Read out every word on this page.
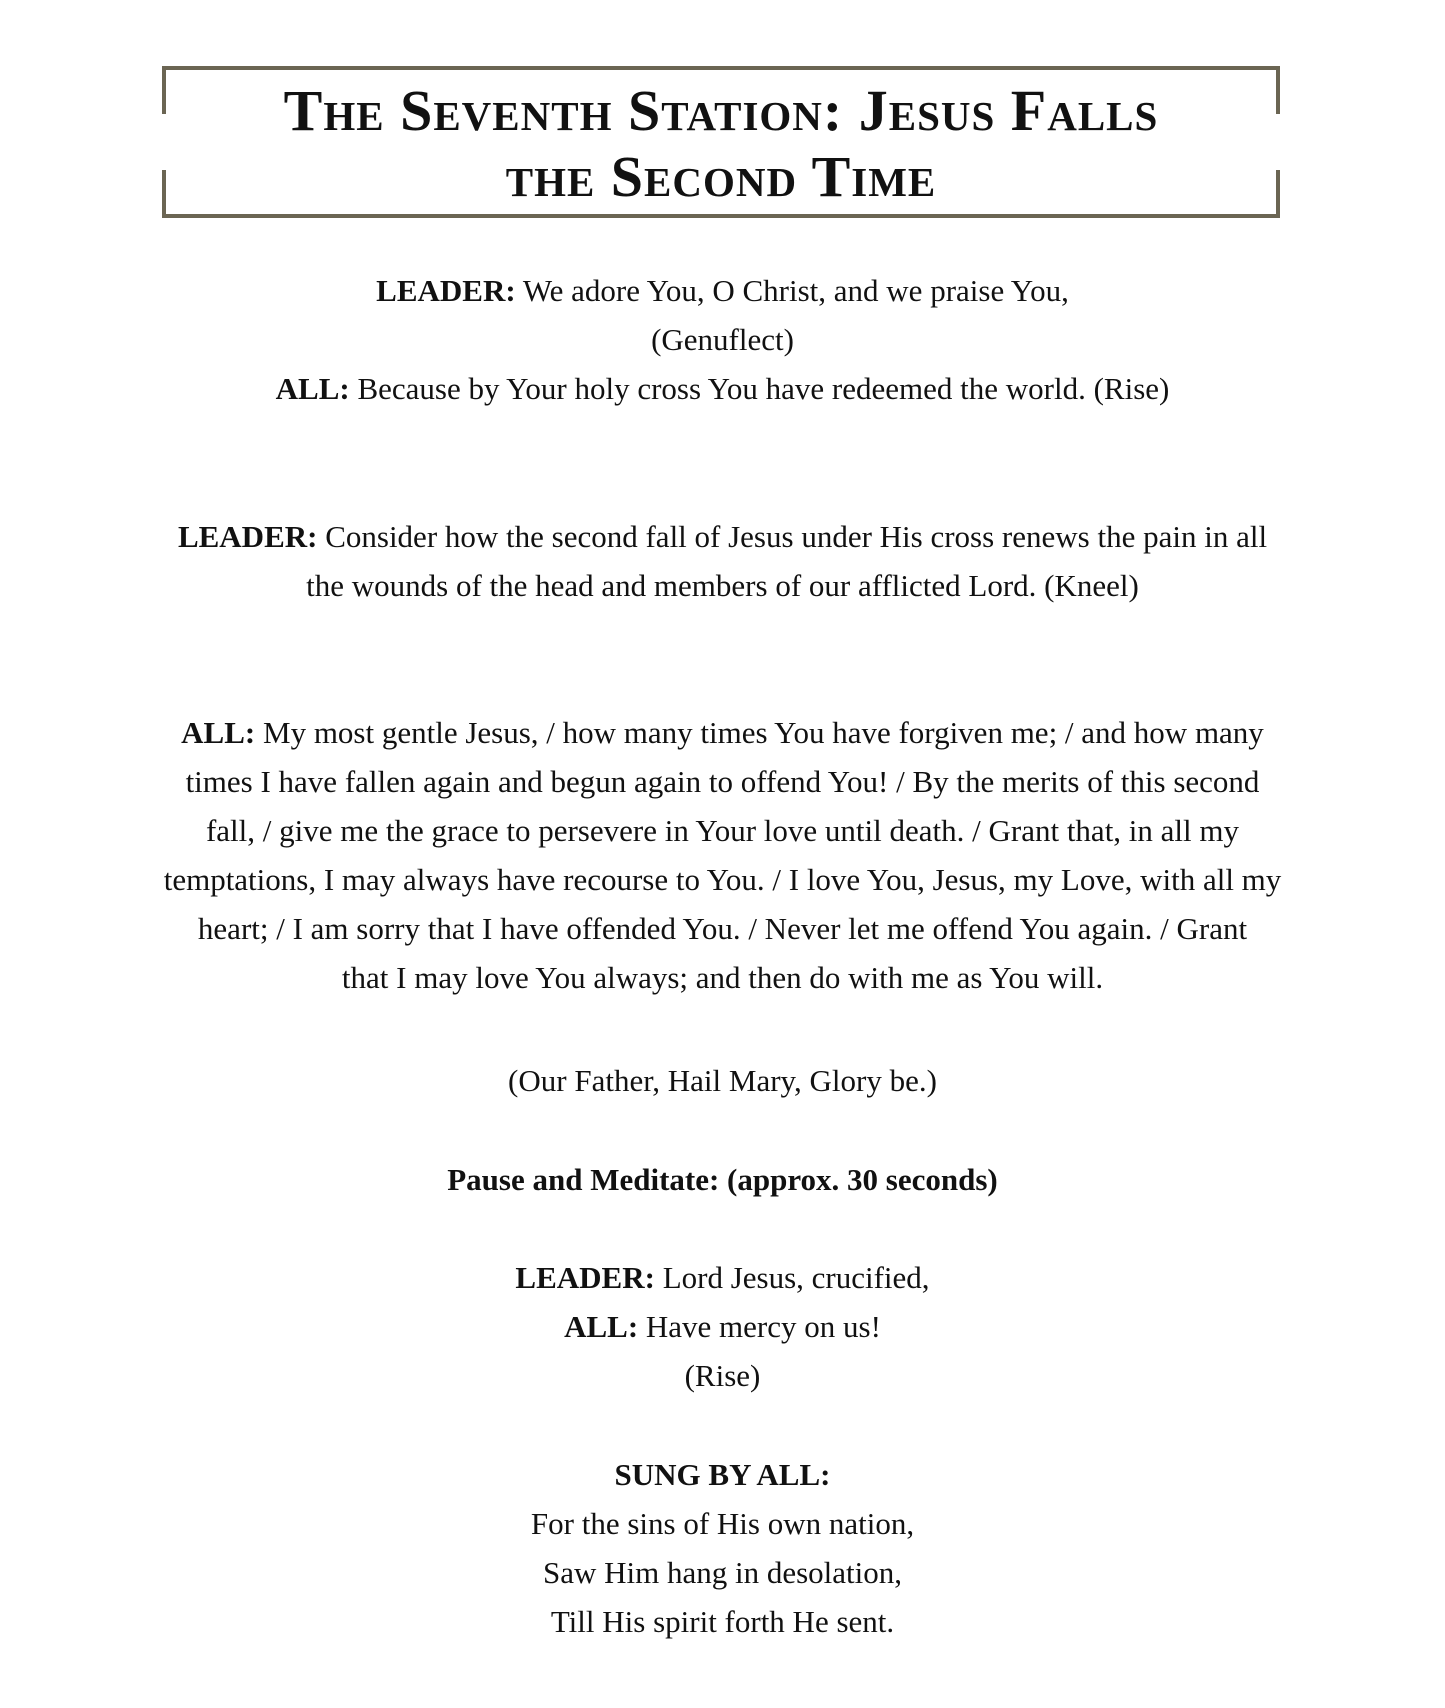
The Seventh Station: Jesus Falls
the Second Time

LEADER: We adore You, O Christ, and we praise You,

(Genuflect)

ALL: Because by Your holy cross You have redeemed the world. (Rise)

LEADER: Consider how the second fall of Jesus under His cross renews the pain in all

the wounds of the head and members of our afflicted Lord. (Kneel)

ALL: My most gentle Jesus, / how many times You have forgiven me; / and how many

times I have fallen again and begun again to offend You! / By the merits of this second

fall, / give me the grace to persevere in Your love until death. / Grant that, in all my

temptations, I may always have recourse to You. / I love You, Jesus, my Love, with all my

heart; / I am sorry that I have offended You. / Never let me offend You again. / Grant

that I may love You always; and then do with me as You will.

(Our Father, Hail Mary, Glory be.)

Pause and Meditate: (approx. 30 seconds)

LEADER: Lord Jesus, crucified,

ALL: Have mercy on us!

(Rise)

SUNG BY ALL:

For the sins of His own nation,

Saw Him hang in desolation,

Till His spirit forth He sent.
